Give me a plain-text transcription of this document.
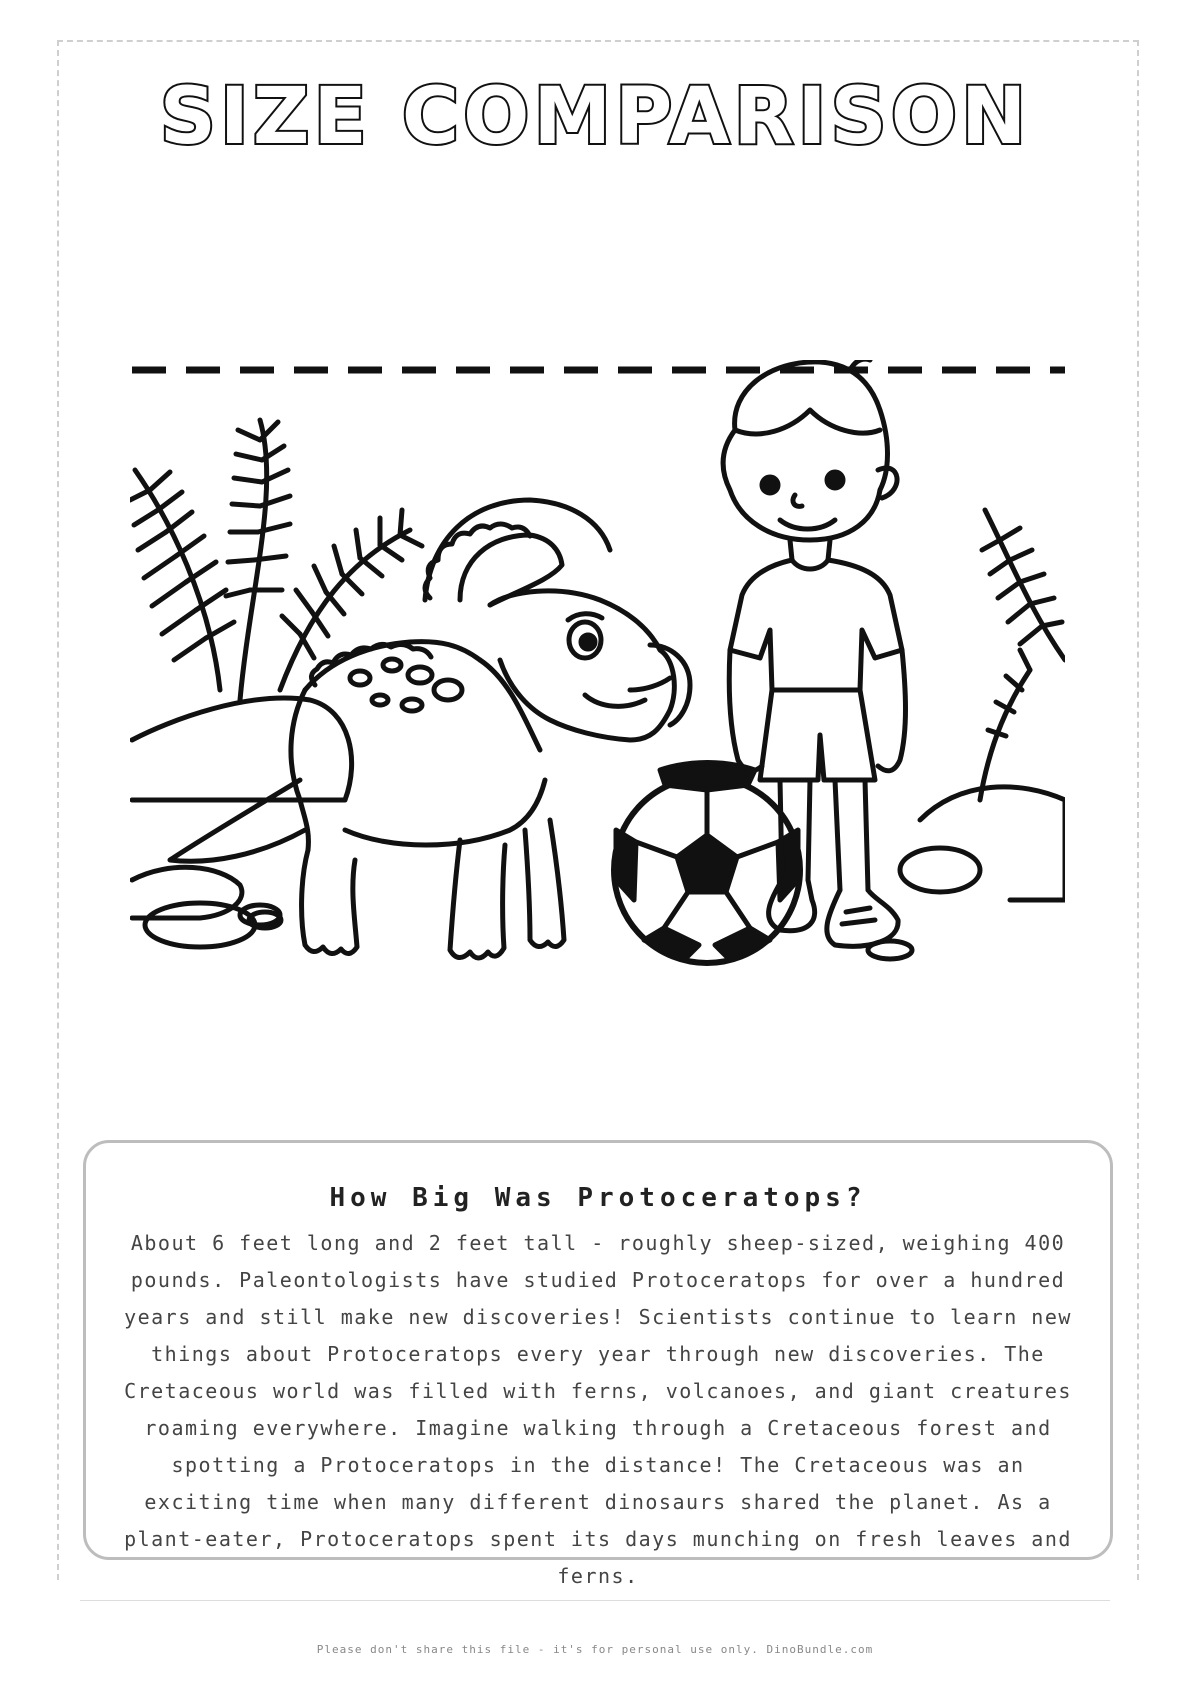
SIZE COMPARISON
How Big Was Protoceratops?

About 6 feet long and 2 feet tall - roughly sheep-sized, weighing 400 pounds. Paleontologists have studied Protoceratops for over a hundred years and still make new discoveries! Scientists continue to learn new things about Protoceratops every year through new discoveries. The Cretaceous world was filled with ferns, volcanoes, and giant creatures roaming everywhere. Imagine walking through a Cretaceous forest and spotting a Protoceratops in the distance! The Cretaceous was an exciting time when many different dinosaurs shared the planet. As a plant-eater, Protoceratops spent its days munching on fresh leaves and ferns.

Please don't share this file - it's for personal use only. DinoBundle.com
